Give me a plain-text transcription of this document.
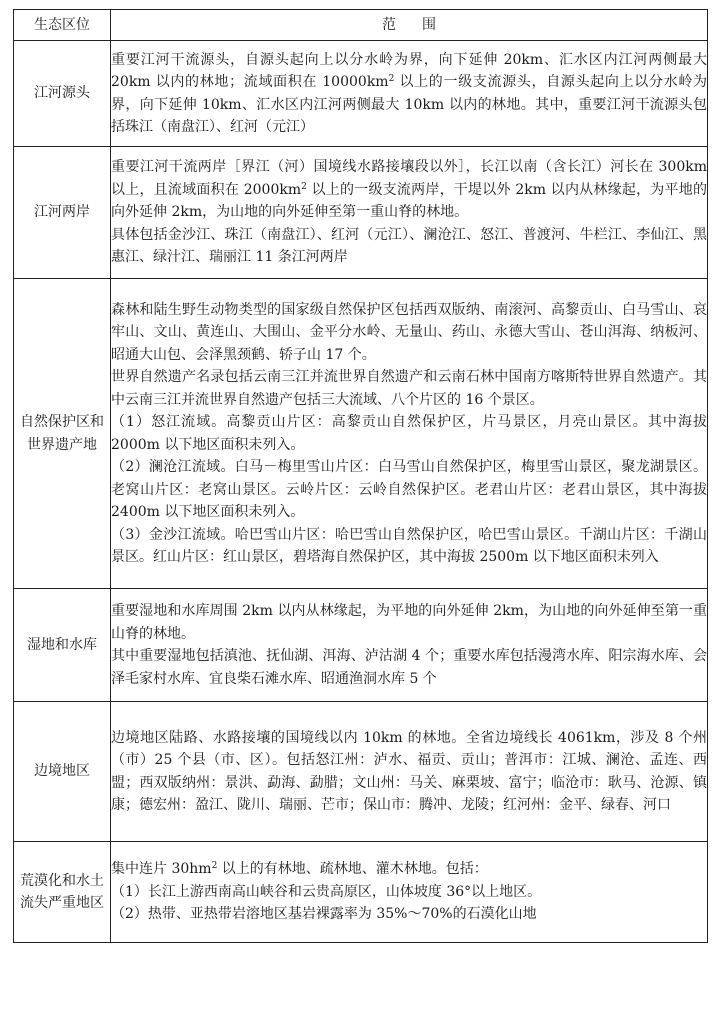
生态区位	范围
江河源头	重要江河干流源头，自源头起向上以分水岭为界，向下延伸 20km、汇水区内江河两侧最大 20km 以内的林地；流域面积在 $10000km^2$ 以上的一级支流源头，自源头起向上以分水岭为界，向下延伸 10km、汇水区内江河两侧最大 10km 以内的林地。其中，重要江河干流源头包括珠江（南盘江）、红河（元江）

江河两岸	重要江河干流两岸［界江（河）国境线水路接壤段以外］，长江以南（含长江）河长在 300km 以上，且流域面积在 $2000km^2$ 以上的一级支流两岸，干堤以外 2km 以内从林缘起，为平地的向外延伸 2km，为山地的向外延伸至第一重山脊的林地。

具体包括金沙江、珠江（南盘江）、红河（元江）、澜沧江、怒江、普渡河、牛栏江、李仙江、黑惠江、绿汁江、瑞丽江 11 条江河两岸

自然保护区和世界遗产地	森林和陆生野生动物类型的国家级自然保护区包括西双版纳、南滚河、高黎贡山、白马雪山、哀牢山、文山、黄连山、大围山、金平分水岭、无量山、药山、永德大雪山、苍山洱海、纳板河、昭通大山包、会泽黑颈鹤、轿子山 17 个。

世界自然遗产名录包括云南三江并流世界自然遗产和云南石林中国南方喀斯特世界自然遗产。其中云南三江并流世界自然遗产包括三大流域、八个片区的 16 个景区。

（1）怒江流域。高黎贡山片区：高黎贡山自然保护区，片马景区，月亮山景区。其中海拔 2000m 以下地区面积未列入。

（2）澜沧江流域。白马－梅里雪山片区：白马雪山自然保护区，梅里雪山景区，聚龙湖景区。老窝山片区：老窝山景区。云岭片区：云岭自然保护区。老君山片区：老君山景区，其中海拔 2400m 以下地区面积未列入。

（3）金沙江流域。哈巴雪山片区：哈巴雪山自然保护区，哈巴雪山景区。千湖山片区：千湖山景区。红山片区：红山景区，碧塔海自然保护区，其中海拔 2500m 以下地区面积未列入

湿地和水库	重要湿地和水库周围 2km 以内从林缘起，为平地的向外延伸 2km，为山地的向外延伸至第一重山脊的林地。

其中重要湿地包括滇池、抚仙湖、洱海、泸沽湖 4 个；重要水库包括漫湾水库、阳宗海水库、会泽毛家村水库、宜良柴石滩水库、昭通渔洞水库 5 个

边境地区	边境地区陆路、水路接壤的国境线以内 10km 的林地。全省边境线长 4061km，涉及 8 个州（市）25 个县（市、区）。包括怒江州：泸水、福贡、贡山；普洱市：江城、澜沧、孟连、西盟；西双版纳州：景洪、勐海、勐腊；文山州：马关、麻栗坡、富宁；临沧市：耿马、沧源、镇康；德宏州：盈江、陇川、瑞丽、芒市；保山市：腾冲、龙陵；红河州：金平、绿春、河口

荒漠化和水土流失严重地区	集中连片 $30hm^2$ 以上的有林地、疏林地、灌木林地。包括：

（1）长江上游西南高山峡谷和云贵高原区，山体坡度 36°以上地区。

（2）热带、亚热带岩溶地区基岩裸露率为 35%～70%的石漠化山地
